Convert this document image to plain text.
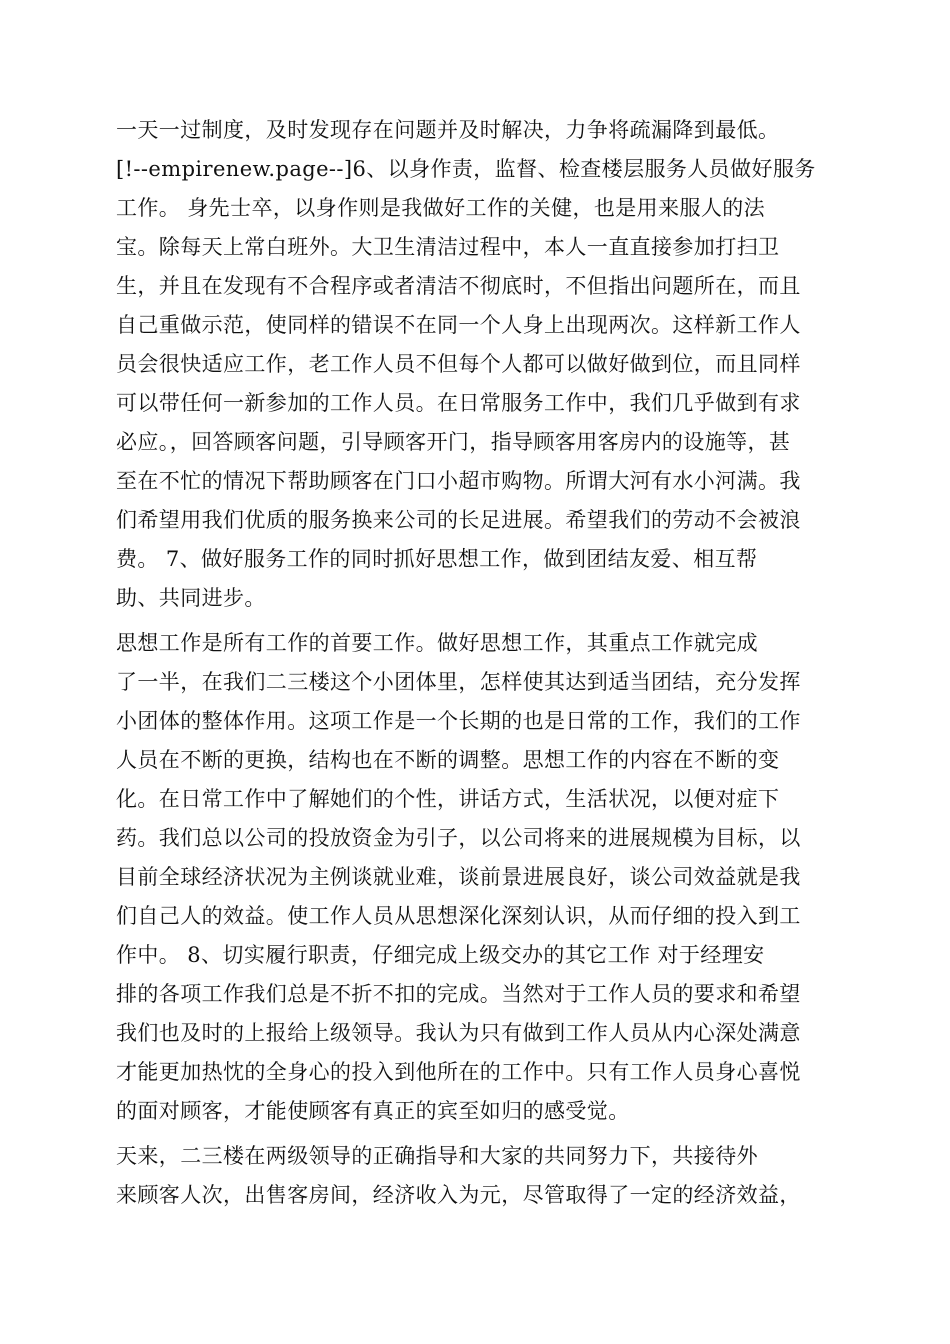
一天一过制度，及时发现存在问题并及时解决，力争将疏漏降到最低。
[!--empirenew.page--]6、以身作责，监督、检查楼层服务人员做好服务
工作。 身先士卒，以身作则是我做好工作的关健，也是用来服人的法
宝。除每天上常白班外。大卫生清洁过程中，本人一直直接参加打扫卫
生，并且在发现有不合程序或者清洁不彻底时，不但指出问题所在，而且
自己重做示范，使同样的错误不在同一个人身上出现两次。这样新工作人
员会很快适应工作，老工作人员不但每个人都可以做好做到位，而且同样
可以带任何一新参加的工作人员。在日常服务工作中，我们几乎做到有求
必应。，回答顾客问题，引导顾客开门，指导顾客用客房内的设施等，甚
至在不忙的情况下帮助顾客在门口小超市购物。所谓大河有水小河满。我
们希望用我们优质的服务换来公司的长足进展。希望我们的劳动不会被浪
费。 7、做好服务工作的同时抓好思想工作，做到团结友爱、相互帮
助、共同进步。
思想工作是所有工作的首要工作。做好思想工作，其重点工作就完成
了一半，在我们二三楼这个小团体里，怎样使其达到适当团结，充分发挥
小团体的整体作用。这项工作是一个长期的也是日常的工作，我们的工作
人员在不断的更换，结构也在不断的调整。思想工作的内容在不断的变
化。在日常工作中了解她们的个性，讲话方式，生活状况，以便对症下
药。我们总以公司的投放资金为引子，以公司将来的进展规模为目标，以
目前全球经济状况为主例谈就业难，谈前景进展良好，谈公司效益就是我
们自己人的效益。使工作人员从思想深化深刻认识，从而仔细的投入到工
作中。 8、切实履行职责，仔细完成上级交办的其它工作 对于经理安
排的各项工作我们总是不折不扣的完成。当然对于工作人员的要求和希望
我们也及时的上报给上级领导。我认为只有做到工作人员从内心深处满意
才能更加热忱的全身心的投入到他所在的工作中。只有工作人员身心喜悦
的面对顾客，才能使顾客有真正的宾至如归的感受觉。
天来，二三楼在两级领导的正确指导和大家的共同努力下，共接待外
来顾客人次，出售客房间，经济收入为元，尽管取得了一定的经济效益，
